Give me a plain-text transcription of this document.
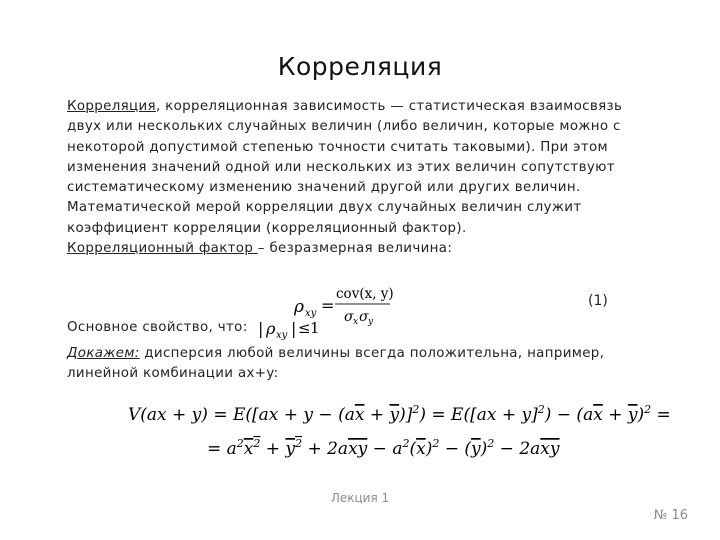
Корреляция
Корреляция, корреляционная зависимость — статистическая взаимосвязь
двух или нескольких случайных величин (либо величин, которые можно с
некоторой допустимой степенью точности считать таковыми). При этом
изменения значений одной или нескольких из этих величин сопутствуют
систематическому изменению значений другой или других величин.
Математической мерой корреляции двух случайных величин служит
коэффициент корреляции (корреляционный фактор).
Корреляционный фактор – безразмерная величина:
ρ xy =
cov(x, y)
σ x σ y
(1)
Основное свойство, что: | ρ xy | ≤ 1
Докажем: дисперсия любой величины всегда положительна, например,
линейной комбинации ax+y:
V(ax + y) = E([ax + y − (ax + y)]$^2$) = E([ax + y]$^2$) − (ax + y)$^2$ =
= $a^2x^2 + y^2 + 2axy - a^2(x)^2 - (y)^2 - 2axy$
Лекция 1
№ 16
